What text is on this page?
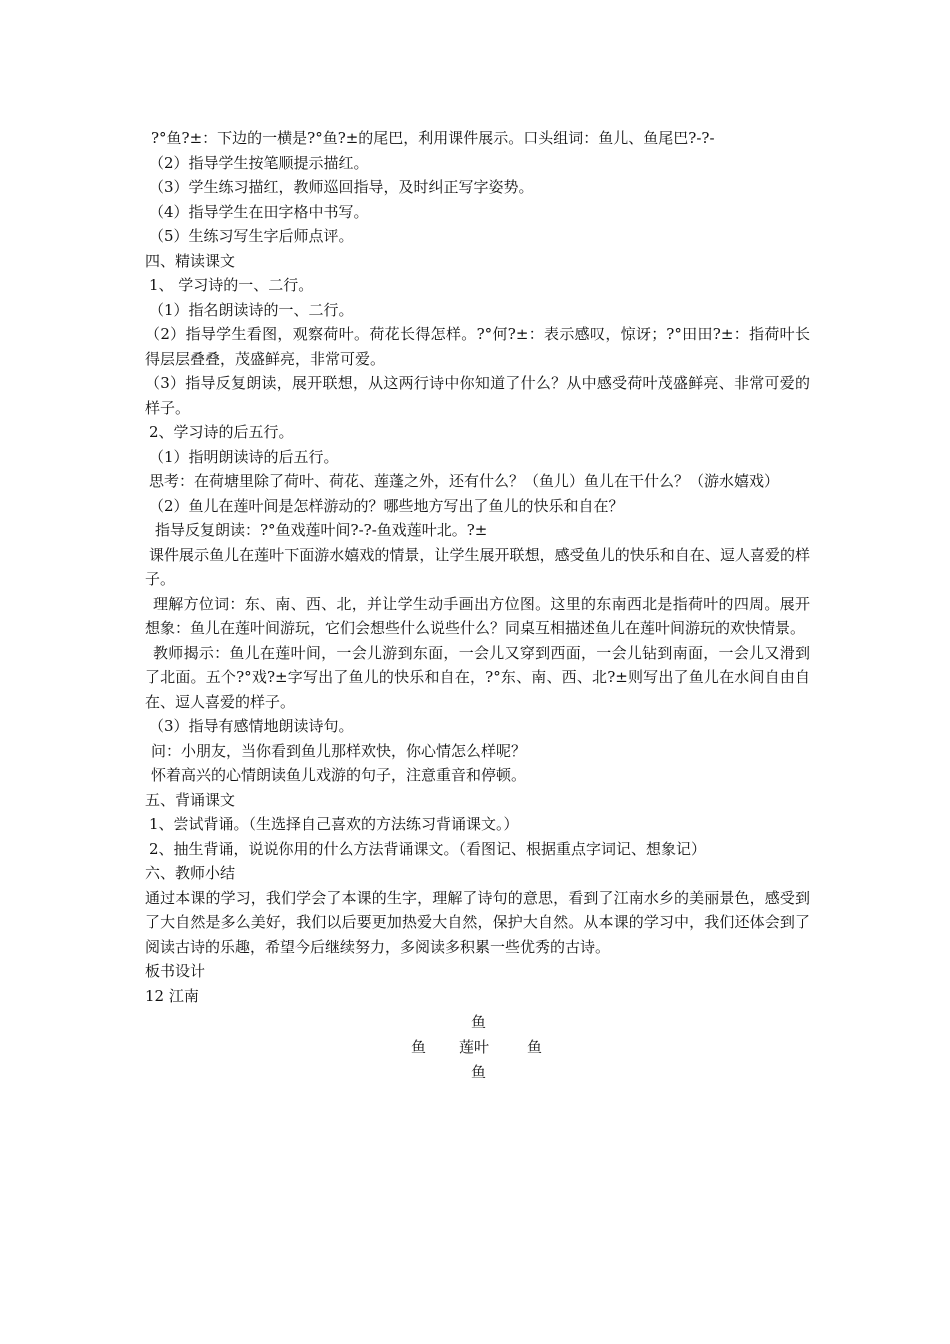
?°鱼?±：下边的一横是?°鱼?±的尾巴，利用课件展示。口头组词：鱼儿、鱼尾巴?-?-

（2）指导学生按笔顺提示描红。

（3）学生练习描红，教师巡回指导，及时纠正写字姿势。

（4）指导学生在田字格中书写。

（5）生练习写生字后师点评。

四、精读课文

1、 学习诗的一、二行。

（1）指名朗读诗的一、二行。

（2）指导学生看图，观察荷叶。荷花长得怎样。?°何?±：表示感叹，惊讶；?°田田?±：指荷叶长得层层叠叠，茂盛鲜亮，非常可爱。

（3）指导反复朗读，展开联想，从这两行诗中你知道了什么？从中感受荷叶茂盛鲜亮、非常可爱的样子。

2、学习诗的后五行。

（1）指明朗读诗的后五行。

思考：在荷塘里除了荷叶、荷花、莲蓬之外，还有什么？（鱼儿）鱼儿在干什么？（游水嬉戏）

（2）鱼儿在莲叶间是怎样游动的？哪些地方写出了鱼儿的快乐和自在？

指导反复朗读：?°鱼戏莲叶间?-?-鱼戏莲叶北。?±

课件展示鱼儿在莲叶下面游水嬉戏的情景，让学生展开联想，感受鱼儿的快乐和自在、逗人喜爱的样子。

理解方位词：东、南、西、北，并让学生动手画出方位图。这里的东南西北是指荷叶的四周。展开想象：鱼儿在莲叶间游玩，它们会想些什么说些什么？同桌互相描述鱼儿在莲叶间游玩的欢快情景。

教师揭示：鱼儿在莲叶间，一会儿游到东面，一会儿又穿到西面，一会儿钻到南面，一会儿又滑到了北面。五个?°戏?±字写出了鱼儿的快乐和自在，?°东、南、西、北?±则写出了鱼儿在水间自由自在、逗人喜爱的样子。

（3）指导有感情地朗读诗句。

问：小朋友，当你看到鱼儿那样欢快，你心情怎么样呢？

怀着高兴的心情朗读鱼儿戏游的句子，注意重音和停顿。

五、背诵课文

1、尝试背诵。（生选择自己喜欢的方法练习背诵课文。）

2、抽生背诵，说说你用的什么方法背诵课文。（看图记、根据重点字词记、想象记）

六、教师小结

通过本课的学习，我们学会了本课的生字，理解了诗句的意思，看到了江南水乡的美丽景色，感受到了大自然是多么美好，我们以后要更加热爱大自然，保护大自然。从本课的学习中，我们还体会到了阅读古诗的乐趣，希望今后继续努力，多阅读多积累一些优秀的古诗。

板书设计

12 江南

鱼
鱼 莲叶	鱼
鱼
